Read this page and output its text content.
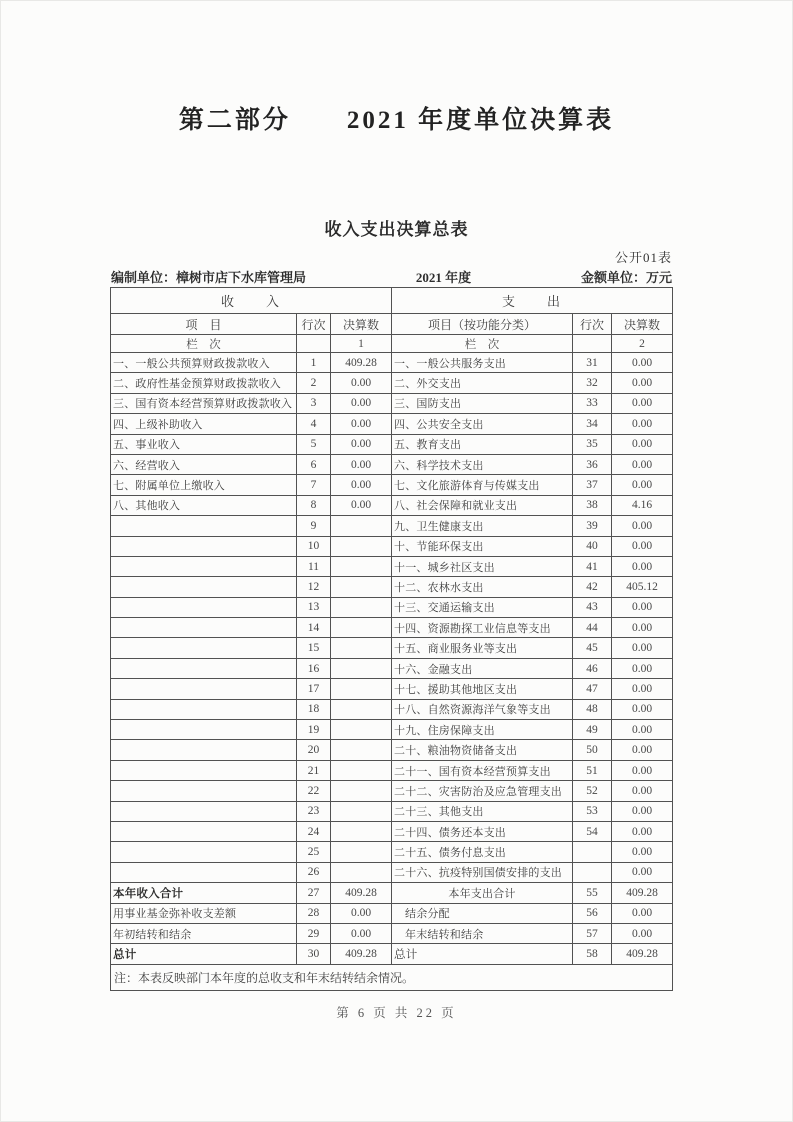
第二部分　　2021 年度单位决算表
收入支出决算总表
公开01表
编制单位：樟树市店下水库管理局	2021 年度	金额单位：万元
收　　入			支　　出		
项　目	行次	决算数	项目（按功能分类）	行次	决算数
栏　次		1	栏　次		2
一、一般公共预算财政拨款收入	1	409.28	一、一般公共服务支出	31	0.00
二、政府性基金预算财政拨款收入	2	0.00	二、外交支出	32	0.00
三、国有资本经营预算财政拨款收入	3	0.00	三、国防支出	33	0.00
四、上级补助收入	4	0.00	四、公共安全支出	34	0.00
五、事业收入	5	0.00	五、教育支出	35	0.00
六、经营收入	6	0.00	六、科学技术支出	36	0.00
七、附属单位上缴收入	7	0.00	七、文化旅游体育与传媒支出	37	0.00
八、其他收入	8	0.00	八、社会保障和就业支出	38	4.16
	9		九、卫生健康支出	39	0.00
	10		十、节能环保支出	40	0.00
	11		十一、城乡社区支出	41	0.00
	12		十二、农林水支出	42	405.12
	13		十三、交通运输支出	43	0.00
	14		十四、资源勘探工业信息等支出	44	0.00
	15		十五、商业服务业等支出	45	0.00
	16		十六、金融支出	46	0.00
	17		十七、援助其他地区支出	47	0.00
	18		十八、自然资源海洋气象等支出	48	0.00
	19		十九、住房保障支出	49	0.00
	20		二十、粮油物资储备支出	50	0.00
	21		二十一、国有资本经营预算支出	51	0.00
	22		二十二、灾害防治及应急管理支出	52	0.00
	23		二十三、其他支出	53	0.00
	24		二十四、债务还本支出	54	0.00
	25		二十五、债务付息支出		0.00
	26		二十六、抗疫特别国债安排的支出		0.00
本年收入合计	27	409.28	本年支出合计	55	409.28
用事业基金弥补收支差额	28	0.00	结余分配	56	0.00
年初结转和结余	29	0.00	年末结转和结余	57	0.00
总计	30	409.28	总计	58	409.28
注：本表反映部门本年度的总收支和年末结转结余情况。					
第 6 页 共 22 页
